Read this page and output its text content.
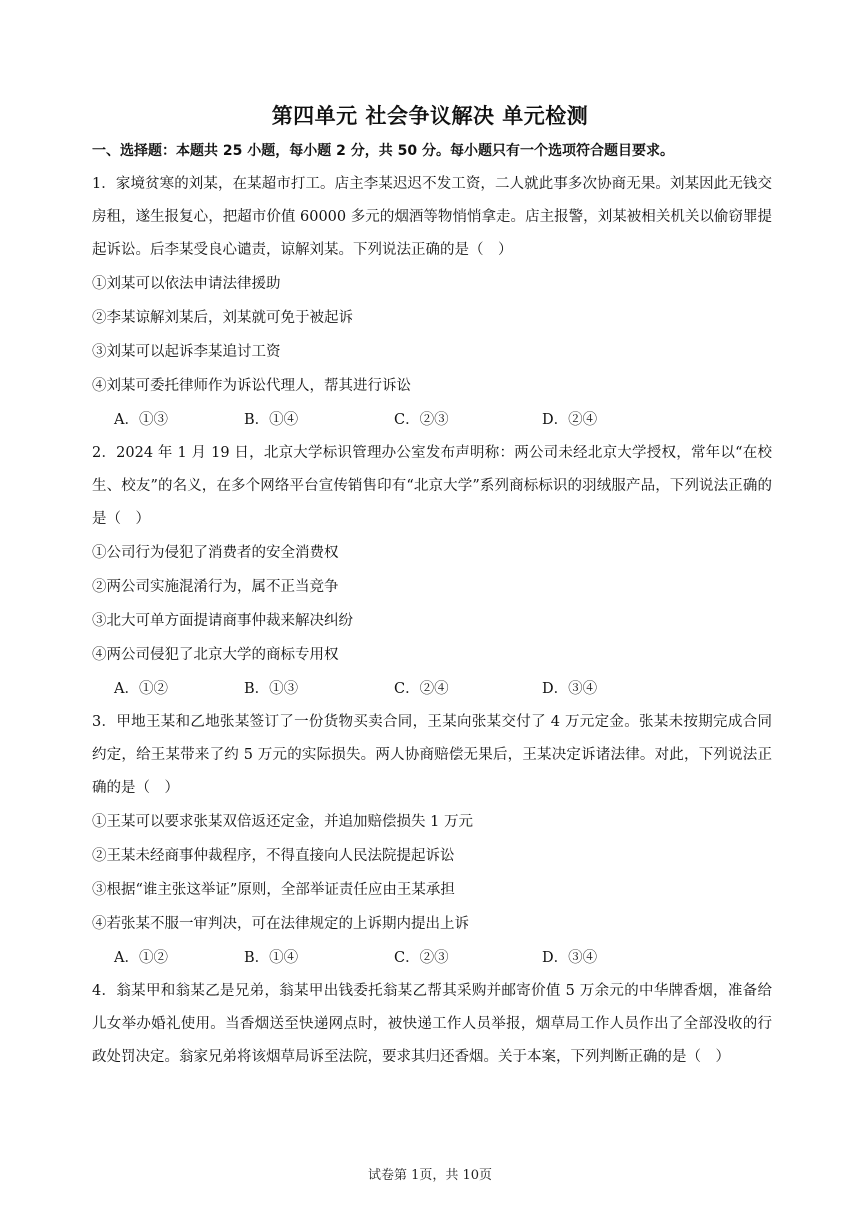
第四单元 社会争议解决 单元检测
一、选择题：本题共 25 小题，每小题 2 分，共 50 分。每小题只有一个选项符合题目要求。
1．家境贫寒的刘某，在某超市打工。店主李某迟迟不发工资，二人就此事多次协商无果。刘某因此无钱交房租，遂生报复心，把超市价值 60000 多元的烟酒等物悄悄拿走。店主报警，刘某被相关机关以偷窃罪提起诉讼。后李某受良心谴责，谅解刘某。下列说法正确的是（　）
①刘某可以依法申请法律援助
②李某谅解刘某后，刘某就可免于被起诉
③刘某可以起诉李某追讨工资
④刘某可委托律师作为诉讼代理人，帮其进行诉讼
A．①③	B．①④	C．②③	D．②④
2．2024 年 1 月 19 日，北京大学标识管理办公室发布声明称：两公司未经北京大学授权，常年以“在校生、校友”的名义，在多个网络平台宣传销售印有“北京大学”系列商标标识的羽绒服产品，下列说法正确的是（　）
①公司行为侵犯了消费者的安全消费权
②两公司实施混淆行为，属不正当竞争
③北大可单方面提请商事仲裁来解决纠纷
④两公司侵犯了北京大学的商标专用权
A．①②	B．①③	C．②④	D．③④
3．甲地王某和乙地张某签订了一份货物买卖合同，王某向张某交付了 4 万元定金。张某未按期完成合同约定，给王某带来了约 5 万元的实际损失。两人协商赔偿无果后，王某决定诉诸法律。对此，下列说法正确的是（　）
①王某可以要求张某双倍返还定金，并追加赔偿损失 1 万元
②王某未经商事仲裁程序，不得直接向人民法院提起诉讼
③根据“谁主张这举证”原则，全部举证责任应由王某承担
④若张某不服一审判决，可在法律规定的上诉期内提出上诉
A．①②	B．①④	C．②③	D．③④
4．翁某甲和翁某乙是兄弟，翁某甲出钱委托翁某乙帮其采购并邮寄价值 5 万余元的中华牌香烟，准备给儿女举办婚礼使用。当香烟送至快递网点时，被快递工作人员举报，烟草局工作人员作出了全部没收的行政处罚决定。翁家兄弟将该烟草局诉至法院，要求其归还香烟。关于本案，下列判断正确的是（　）
试卷第 1页，共 10页
